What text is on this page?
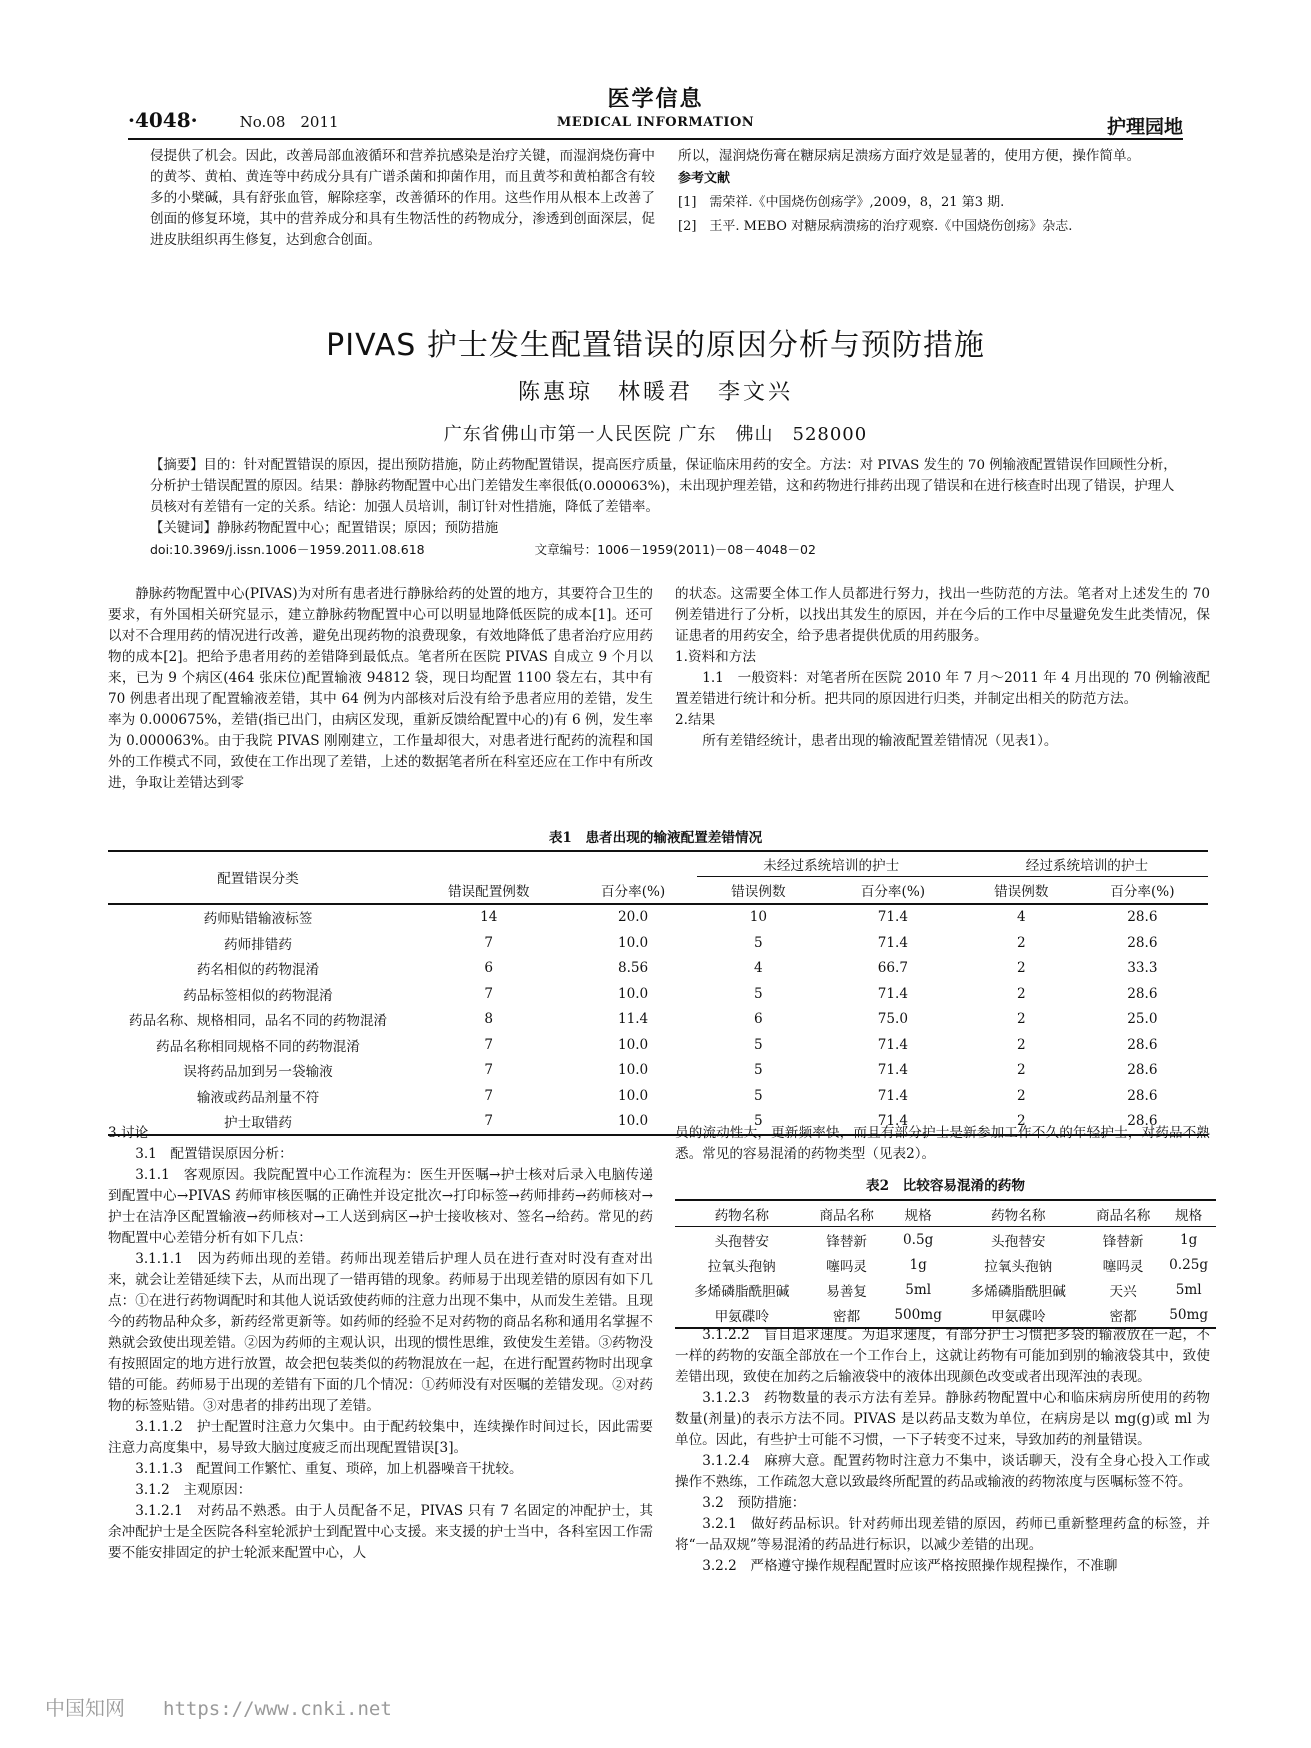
医学信息
MEDICAL INFORMATION
·4048·	No.08　2011	护理园地

侵提供了机会。因此，改善局部血液循环和营养抗感染是治疗关键，而湿润烧伤膏中的黄芩、黄柏、黄连等中药成分具有广谱杀菌和抑菌作用，而且黄芩和黄柏都含有较多的小檗碱，具有舒张血管，解除痉挛，改善循环的作用。这些作用从根本上改善了创面的修复环境，其中的营养成分和具有生物活性的药物成分，渗透到创面深层，促进皮肤组织再生修复，达到愈合创面。

所以，湿润烧伤膏在糖尿病足溃疡方面疗效是显著的，使用方便，操作简单。

参考文献
[1]　需荣祥.《中国烧伤创疡学》,2009，8，21 第3 期.
[2]　王平. MEBO 对糖尿病溃疡的治疗观察.《中国烧伤创疡》杂志.
PIVAS 护士发生配置错误的原因分析与预防措施
陈惠琼　林暖君　李文兴
广东省佛山市第一人民医院 广东　佛山　528000

【摘要】目的：针对配置错误的原因，提出预防措施，防止药物配置错误，提高医疗质量，保证临床用药的安全。方法：对 PIVAS 发生的 70 例输液配置错误作回顾性分析，分析护士错误配置的原因。结果：静脉药物配置中心出门差错发生率很低(0.000063%)，未出现护理差错，这和药物进行排药出现了错误和在进行核查时出现了错误，护理人员核对有差错有一定的关系。结论：加强人员培训，制订针对性措施，降低了差错率。

【关键词】静脉药物配置中心；配置错误；原因；预防措施

doi:10.3969/j.issn.1006－1959.2011.08.618	文章编号：1006－1959(2011)－08－4048－02

静脉药物配置中心(PIVAS)为对所有患者进行静脉给药的处置的地方，其要符合卫生的要求，有外国相关研究显示，建立静脉药物配置中心可以明显地降低医院的成本[1]。还可以对不合理用药的情况进行改善，避免出现药物的浪费现象，有效地降低了患者治疗应用药物的成本[2]。把给予患者用药的差错降到最低点。笔者所在医院 PIVAS 自成立 9 个月以来，已为 9 个病区(464 张床位)配置输液 94812 袋，现日均配置 1100 袋左右，其中有 70 例患者出现了配置输液差错，其中 64 例为内部核对后没有给予患者应用的差错，发生率为 0.000675%，差错(指已出门，由病区发现，重新反馈给配置中心的)有 6 例，发生率为 0.000063%。由于我院 PIVAS 刚刚建立，工作量却很大，对患者进行配药的流程和国外的工作模式不同，致使在工作出现了差错，上述的数据笔者所在科室还应在工作中有所改进，争取让差错达到零

的状态。这需要全体工作人员都进行努力，找出一些防范的方法。笔者对上述发生的 70 例差错进行了分析，以找出其发生的原因，并在今后的工作中尽量避免发生此类情况，保证患者的用药安全，给予患者提供优质的用药服务。

1.资料和方法

1.1　一般资料：对笔者所在医院 2010 年 7 月～2011 年 4 月出现的 70 例输液配置差错进行统计和分析。把共同的原因进行归类，并制定出相关的防范方法。

2.结果

所有差错经统计，患者出现的输液配置差错情况（见表1）。

表1　患者出现的输液配置差错情况
配置错误分类			未经过系统培训的护士		经过系统培训的护士	
	错误配置例数	百分率(%)	错误例数	百分率(%)	错误例数	百分率(%)
药师贴错输液标签	14	20.0	10	71.4	4	28.6
药师排错药	7	10.0	5	71.4	2	28.6
药名相似的药物混淆	6	8.56	4	66.7	2	33.3
药品标签相似的药物混淆	7	10.0	5	71.4	2	28.6
药品名称、规格相同，品名不同的药物混淆	8	11.4	6	75.0	2	25.0
药品名称相同规格不同的药物混淆	7	10.0	5	71.4	2	28.6
误将药品加到另一袋输液	7	10.0	5	71.4	2	28.6
输液或药品剂量不符	7	10.0	5	71.4	2	28.6
护士取错药	7	10.0	5	71.4	2	28.6

3.讨论

3.1　配置错误原因分析：

3.1.1　客观原因。我院配置中心工作流程为：医生开医嘱→护士核对后录入电脑传递到配置中心→PIVAS 药师审核医嘱的正确性并设定批次→打印标签→药师排药→药师核对→护士在洁净区配置输液→药师核对→工人送到病区→护士接收核对、签名→给药。常见的药物配置中心差错分析有如下几点：

3.1.1.1　因为药师出现的差错。药师出现差错后护理人员在进行查对时没有查对出来，就会让差错延续下去，从而出现了一错再错的现象。药师易于出现差错的原因有如下几点：①在进行药物调配时和其他人说话致使药师的注意力出现不集中，从而发生差错。且现今的药物品种众多，新药经常更新等。如药师的经验不足对药物的商品名称和通用名掌握不熟就会致使出现差错。②因为药师的主观认识，出现的惯性思维，致使发生差错。③药物没有按照固定的地方进行放置，故会把包装类似的药物混放在一起，在进行配置药物时出现拿错的可能。药师易于出现的差错有下面的几个情况：①药师没有对医嘱的差错发现。②对药物的标签贴错。③对患者的排药出现了差错。

3.1.1.2　护士配置时注意力欠集中。由于配药较集中，连续操作时间过长，因此需要注意力高度集中，易导致大脑过度疲乏而出现配置错误[3]。

3.1.1.3　配置间工作繁忙、重复、琐碎，加上机器噪音干扰较。

3.1.2　主观原因：

3.1.2.1　对药品不熟悉。由于人员配备不足，PIVAS 只有 7 名固定的冲配护士，其余冲配护士是全医院各科室轮派护士到配置中心支援。来支援的护士当中，各科室因工作需要不能安排固定的护士轮派来配置中心，人

员的流动性大，更新频率快，而且有部分护士是新参加工作不久的年轻护士，对药品不熟悉。常见的容易混淆的药物类型（见表2）。

表2　比较容易混淆的药物
药物名称	商品名称	规格	药物名称	商品名称	规格
头孢替安	锋替新	0.5g	头孢替安	锋替新	1g
拉氧头孢钠	噻吗灵	1g	拉氧头孢钠	噻吗灵	0.25g
多烯磷脂酰胆碱	易善复	5ml	多烯磷脂酰胆碱	天兴	5ml
甲氨碟呤	密都	500mg	甲氨碟呤	密都	50mg

3.1.2.2　盲目追求速度。为追求速度，有部分护士习惯把多袋的输液放在一起，不一样的药物的安瓿全部放在一个工作台上，这就让药物有可能加到别的输液袋其中，致使差错出现，致使在加药之后输液袋中的液体出现颜色改变或者出现浑浊的表现。

3.1.2.3　药物数量的表示方法有差异。静脉药物配置中心和临床病房所使用的药物数量(剂量)的表示方法不同。PIVAS 是以药品支数为单位，在病房是以 mg(g)或 ml 为单位。因此，有些护士可能不习惯，一下子转变不过来，导致加药的剂量错误。

3.1.2.4　麻痹大意。配置药物时注意力不集中，谈话聊天，没有全身心投入工作或操作不熟练，工作疏忽大意以致最终所配置的药品或输液的药物浓度与医嘱标签不符。

3.2　预防措施：

3.2.1　做好药品标识。针对药师出现差错的原因，药师已重新整理药盒的标签，并将“一品双规”等易混淆的药品进行标识，以减少差错的出现。

3.2.2　严格遵守操作规程配置时应该严格按照操作规程操作，不准聊

中国知网 https://www.cnki.net
